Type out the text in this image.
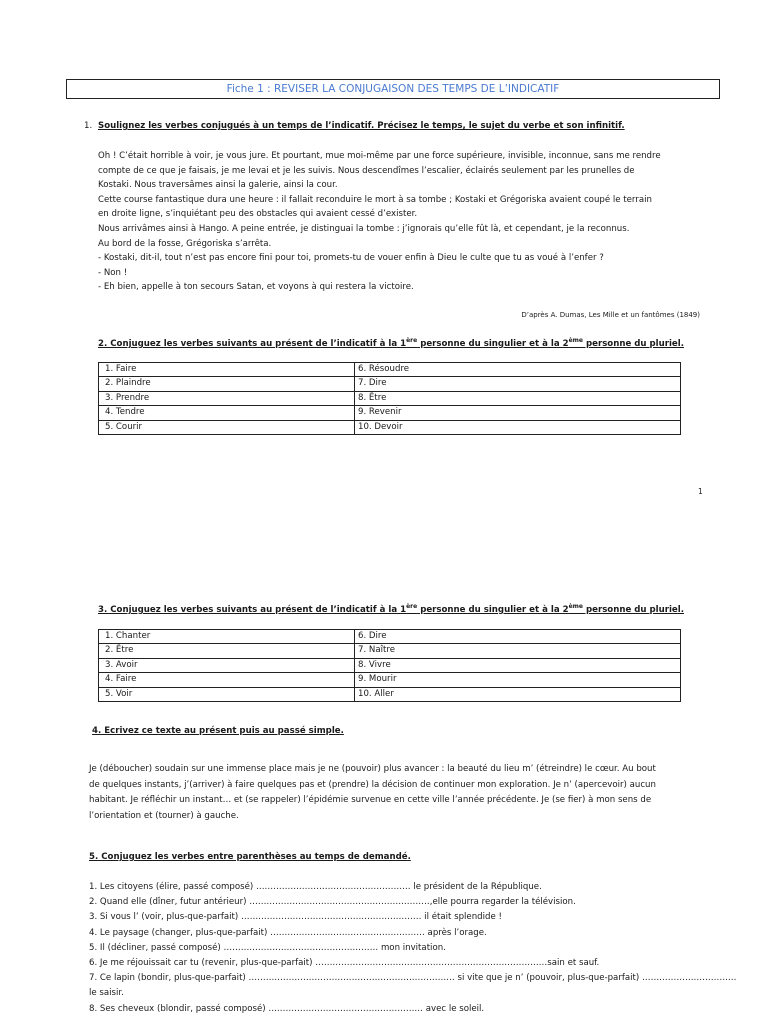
Fiche 1 : REVISER LA CONJUGAISON DES TEMPS DE L’INDICATIF
1. Soulignez les verbes conjugués à un temps de l’indicatif. Précisez le temps, le sujet du verbe et son infinitif.
Oh ! C’était horrible à voir, je vous jure. Et pourtant, mue moi-même par une force supérieure, invisible, inconnue, sans me rendre
compte de ce que je faisais, je me levai et je les suivis. Nous descendîmes l’escalier, éclairés seulement par les prunelles de
Kostaki. Nous traversâmes ainsi la galerie, ainsi la cour.
Cette course fantastique dura une heure : il fallait reconduire le mort à sa tombe ; Kostaki et Grégoriska avaient coupé le terrain
en droite ligne, s’inquiétant peu des obstacles qui avaient cessé d’exister.
Nous arrivâmes ainsi à Hango. A peine entrée, je distinguai la tombe : j’ignorais qu’elle fût là, et cependant, je la reconnus.
Au bord de la fosse, Grégoriska s’arrêta.
- Kostaki, dit-il, tout n’est pas encore fini pour toi, promets-tu de vouer enfin à Dieu le culte que tu as voué à l’enfer ?
- Non !
- Eh bien, appelle à ton secours Satan, et voyons à qui restera la victoire.
D’après A. Dumas, Les Mille et un fantômes (1849)
2. Conjuguez les verbes suivants au présent de l’indicatif à la 1ère personne du singulier et à la 2ème personne du pluriel.
1. Faire	6. Résoudre
2. Plaindre	7. Dire
3. Prendre	8. Être
4. Tendre	9. Revenir
5. Courir	10. Devoir
1
3. Conjuguez les verbes suivants au présent de l’indicatif à la 1ère personne du singulier et à la 2ème personne du pluriel.
1. Chanter	6. Dire
2. Être	7. Naître
3. Avoir	8. Vivre
4. Faire	9. Mourir
5. Voir	10. Aller
4. Ecrivez ce texte au présent puis au passé simple.
Je (déboucher) soudain sur une immense place mais je ne (pouvoir) plus avancer : la beauté du lieu m’ (étreindre) le cœur. Au bout
de quelques instants, j’(arriver) à faire quelques pas et (prendre) la décision de continuer mon exploration. Je n’ (apercevoir) aucun
habitant. Je réfléchir un instant… et (se rappeler) l’épidémie survenue en cette ville l’année précédente. Je (se fier) à mon sens de
l’orientation et (tourner) à gauche.
5. Conjuguez les verbes entre parenthèses au temps de demandé.
1. Les citoyens (élire, passé composé) ……………………………………………… le président de la République.
2. Quand elle (dîner, futur antérieur) ………………………………………………………,elle pourra regarder la télévision.
3. Si vous l’ (voir, plus-que-parfait) ……………………………………………………… il était splendide !
4. Le paysage (changer, plus-que-parfait) ……………………………………………… après l’orage.
5. Il (décliner, passé composé) ……………………………………………… mon invitation.
6. Je me réjouissait car tu (revenir, plus-que-parfait) ………………………………………………………………………sain et sauf.
7. Ce lapin (bondir, plus-que-parfait) ……………………………………………………………… si vite que je n’ (pouvoir, plus-que-parfait) ……………………………
le saisir.
8. Ses cheveux (blondir, passé composé) ……………………………………………… avec le soleil.
